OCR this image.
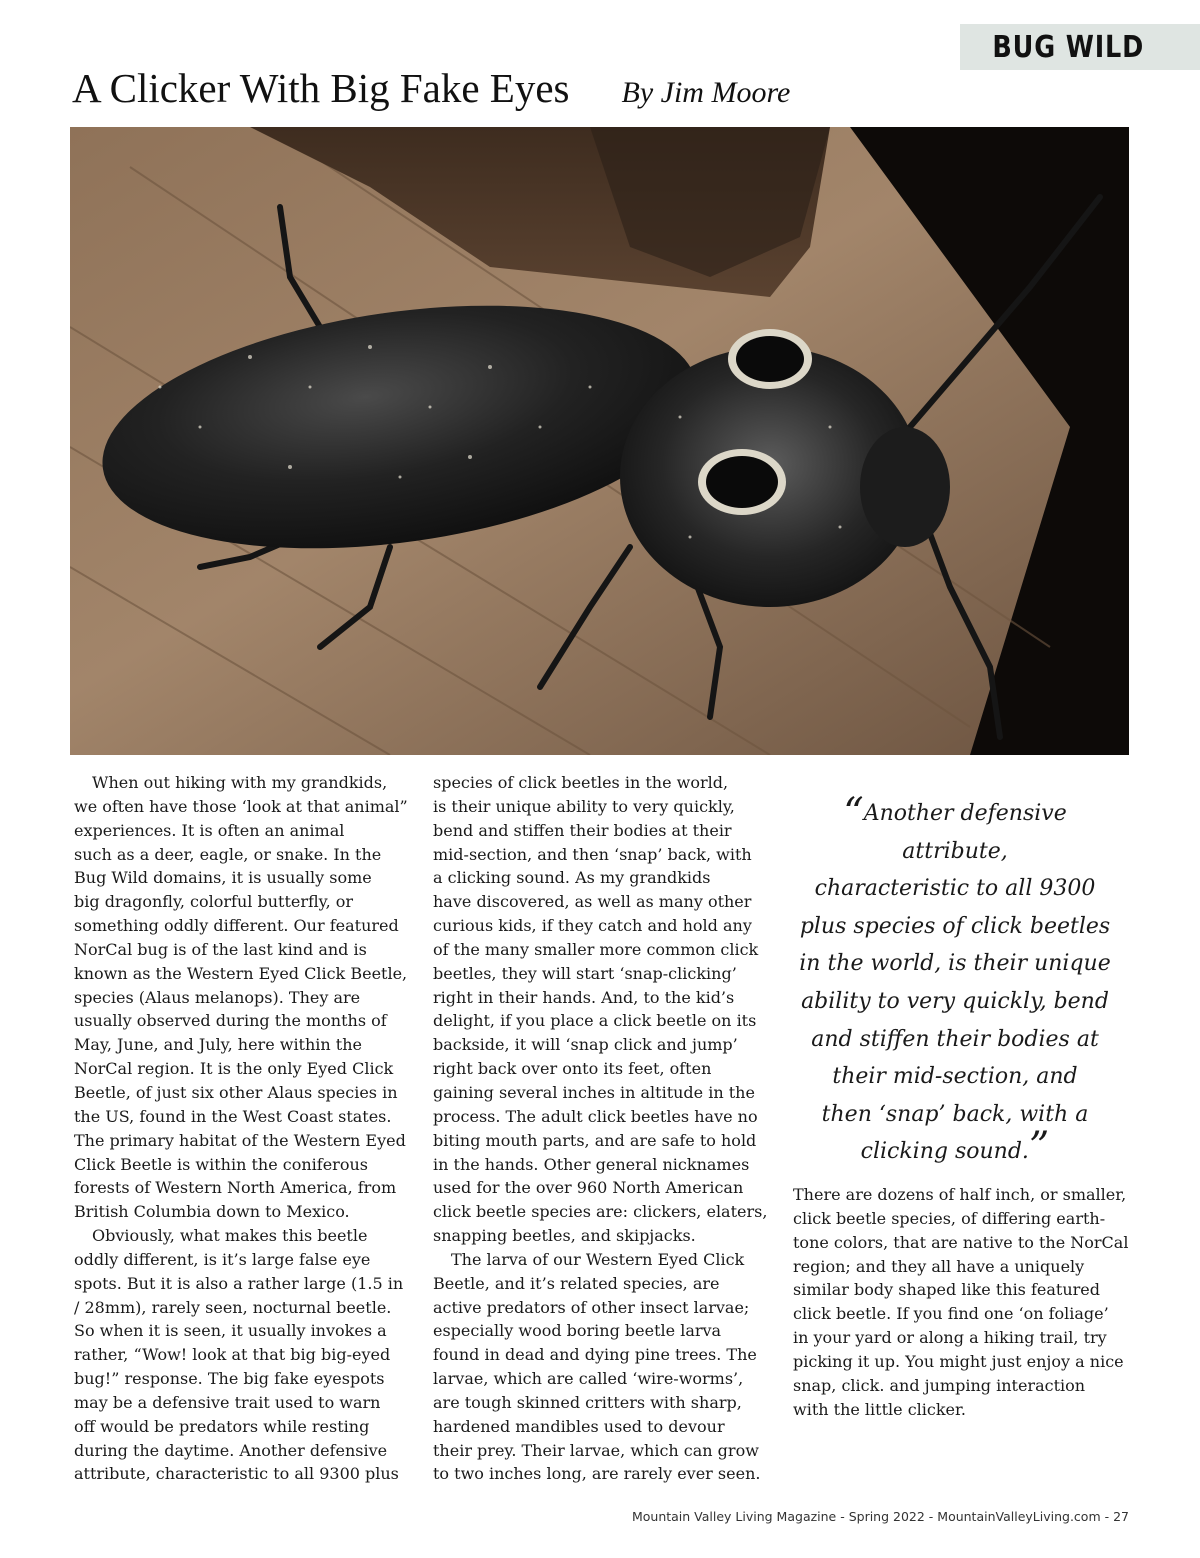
BUG WILD
A Clicker With Big Fake Eyes By Jim Moore

When out hiking with my grandkids,
we often have those ‘look at that animal”
experiences. It is often an animal
such as a deer, eagle, or snake. In the
Bug Wild domains, it is usually some
big dragonfly, colorful butterfly, or
something oddly different. Our featured
NorCal bug is of the last kind and is
known as the Western Eyed Click Beetle,
species (Alaus melanops). They are
usually observed during the months of
May, June, and July, here within the
NorCal region. It is the only Eyed Click
Beetle, of just six other Alaus species in
the US, found in the West Coast states.
The primary habitat of the Western Eyed
Click Beetle is within the coniferous
forests of Western North America, from
British Columbia down to Mexico.

Obviously, what makes this beetle
oddly different, is it’s large false eye
spots. But it is also a rather large (1.5 in
/ 28mm), rarely seen, nocturnal beetle.
So when it is seen, it usually invokes a
rather, “Wow! look at that big big-eyed
bug!” response. The big fake eyespots
may be a defensive trait used to warn
off would be predators while resting
during the daytime. Another defensive
attribute, characteristic to all 9300 plus

species of click beetles in the world,
is their unique ability to very quickly,
bend and stiffen their bodies at their
mid-section, and then ‘snap’ back, with
a clicking sound. As my grandkids
have discovered, as well as many other
curious kids, if they catch and hold any
of the many smaller more common click
beetles, they will start ‘snap-clicking’
right in their hands. And, to the kid’s
delight, if you place a click beetle on its
backside, it will ‘snap click and jump’
right back over onto its feet, often
gaining several inches in altitude in the
process. The adult click beetles have no
biting mouth parts, and are safe to hold
in the hands. Other general nicknames
used for the over 960 North American
click beetle species are: clickers, elaters,
snapping beetles, and skipjacks.

The larva of our Western Eyed Click
Beetle, and it’s related species, are
active predators of other insect larvae;
especially wood boring beetle larva
found in dead and dying pine trees. The
larvae, which are called ‘wire-worms’,
are tough skinned critters with sharp,
hardened mandibles used to devour
their prey. Their larvae, which can grow
to two inches long, are rarely ever seen.

“Another defensive attribute,
characteristic to all 9300
plus species of click beetles
in the world, is their unique
ability to very quickly, bend
and stiffen their bodies at
their mid-section, and
then ‘snap’ back, with a
clicking sound.”

There are dozens of half inch, or smaller,
click beetle species, of differing earth-
tone colors, that are native to the NorCal
region; and they all have a uniquely
similar body shaped like this featured
click beetle. If you find one ‘on foliage’
in your yard or along a hiking trail, try
picking it up. You might just enjoy a nice
snap, click. and jumping interaction
with the little clicker.

Mountain Valley Living Magazine - Spring 2022 - MountainValleyLiving.com - 27
